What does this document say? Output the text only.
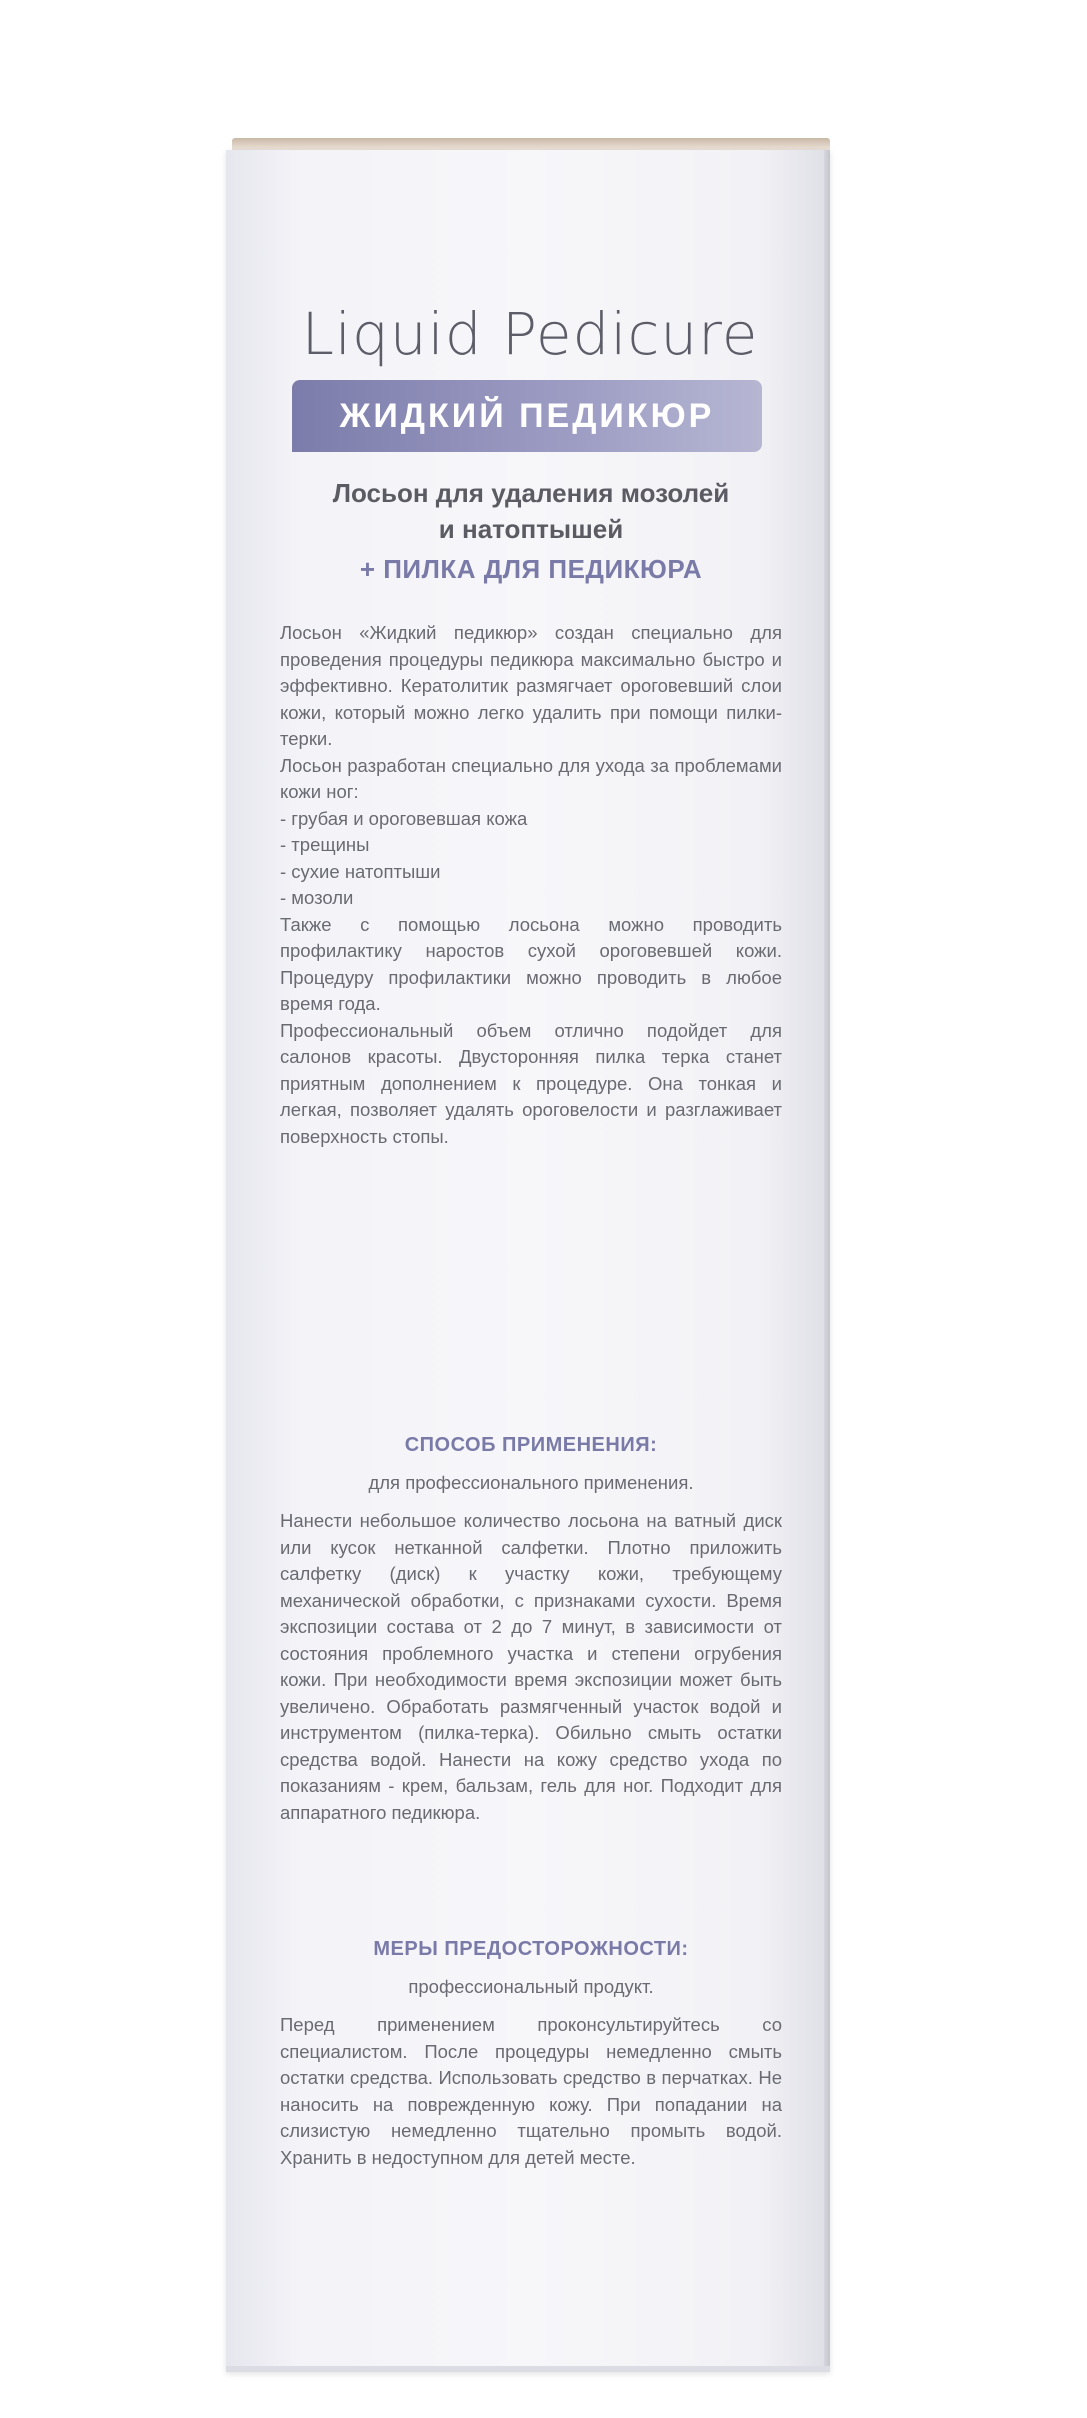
Liquid Pedicure
ЖИДКИЙ ПЕДИКЮР
Лосьон для удаления мозолей
и натоптышей
+ ПИЛКА ДЛЯ ПЕДИКЮРА

Лосьон «Жидкий педикюр» создан специально для проведения процедуры педикюра максимально быстро и эффективно. Кератолитик размягчает ороговевший слои кожи, который можно легко удалить при помощи пилки-терки.

Лосьон разработан специально для ухода за проблемами кожи ног:

- грубая и ороговевшая кожа

- трещины

- сухие натоптыши

- мозоли

Также с помощью лосьона можно проводить профилактику наростов сухой ороговевшей кожи. Процедуру профилактики можно проводить в любое время года.

Профессиональный объем отлично подойдет для салонов красоты. Двусторонняя пилка терка станет приятным дополнением к процедуре. Она тонкая и легкая, позволяет удалять ороговелости и разглаживает поверхность стопы.

СПОСОБ ПРИМЕНЕНИЯ:
для профессионального применения.

Нанести небольшое количество лосьона на ватный диск или кусок нетканной салфетки. Плотно приложить салфетку (диск) к участку кожи, требующему механической обработки, с признаками сухости. Время экспозиции состава от 2 до 7 минут, в зависимости от состояния проблемного участка и степени огрубения кожи. При необходимости время экспозиции может быть увеличено. Обработать размягченный участок водой и инструментом (пилка-терка). Обильно смыть остатки средства водой. Нанести на кожу средство ухода по показаниям - крем, бальзам, гель для ног. Подходит для аппаратного педикюра.

МЕРЫ ПРЕДОСТОРОЖНОСТИ:
профессиональный продукт.

Перед применением проконсультируйтесь со специалистом. После процедуры немедленно смыть остатки средства. Использовать средство в перчатках. Не наносить на поврежденную кожу. При попадании на слизистую немедленно тщательно промыть водой. Хранить в недоступном для детей месте.
